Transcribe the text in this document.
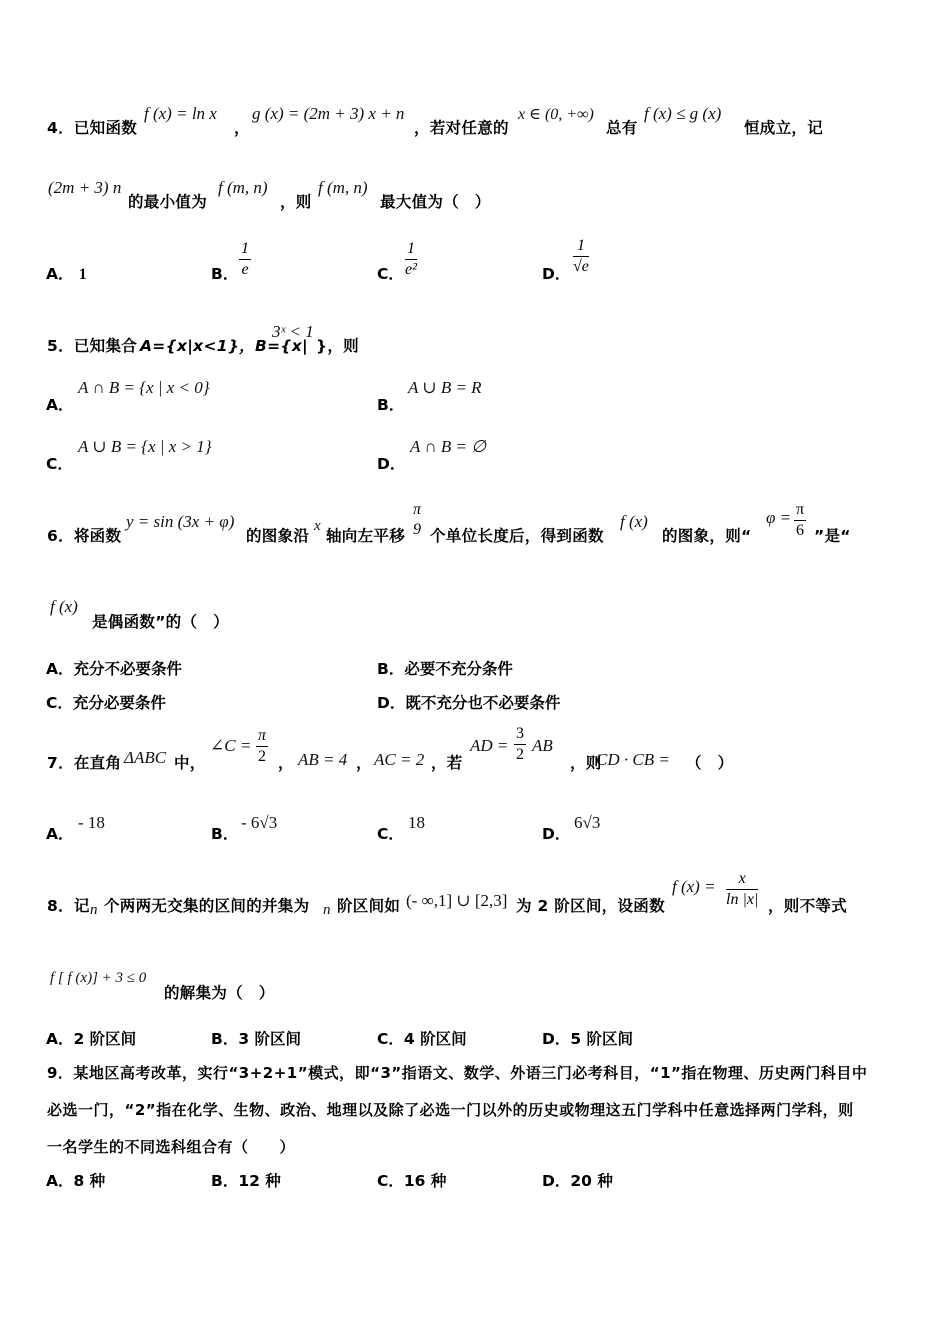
4．已知函数
f (x) = ln x
，
g (x) = (2m + 3) x + n
，若对任意的
x ∈ (0, +∞)
总有
f (x) ≤ g (x)
恒成立，记
(2m + 3) n
的最小值为
f (m, n)
，则
f (m, n)
最大值为（　）
A． 1	B． $\frac{1}{e}$	C． $\frac{1}{\text{e²}}$	D． $\frac{1}{√e}$
5．已知集合 A={x|x<1}，B={x|
3ˣ < 1
}，则
A．
A ∩ B = {x | x < 0}
B．
A ∪ B = R
C．
A ∪ B = {x | x > 1}
D．
A ∩ B = ∅
6．将函数
y = sin (3x + φ)
的图象沿
x
轴向左平移
π
9 个单位长度后，得到函数
f (x)
的图象，则“
$\varphi = \frac{\pi}{6}$ ”是“
f (x)
是偶函数”的（　）
A．充分不必要条件	B．必要不充分条件
C．充分必要条件	D．既不充分也不必要条件
7．在直角 ΔABC 中，
∠C = $\frac{\pi}{2}$ ， AB = 4 ， AC = 2 ，若
AD = $\frac{3}{2}$ AB
，则
CD · CB = （　）
A．
- 18
B．
- 6√3
C．
18
D．
6√3
8．记 n 个两两无交集的区间的并集为 n 阶区间如 (- ∞,1] ∪ [2,3] 为 2 阶区间，设函数
f $(x) = \frac{x}{\ln |x|}$ ，则不等式
f [ f (x)] + 3 ≤ 0
的解集为（　）
A．2 阶区间	B．3 阶区间	C．4 阶区间	D．5 阶区间
9．某地区高考改革，实行“3+2+1”模式，即“3”指语文、数学、外语三门必考科目，“1”指在物理、历史两门科目中
必选一门，“2”指在化学、生物、政治、地理以及除了必选一门以外的历史或物理这五门学科中任意选择两门学科，则
一名学生的不同选科组合有（　　）
A．8 种	B．12 种	C．16 种	D．20 种
